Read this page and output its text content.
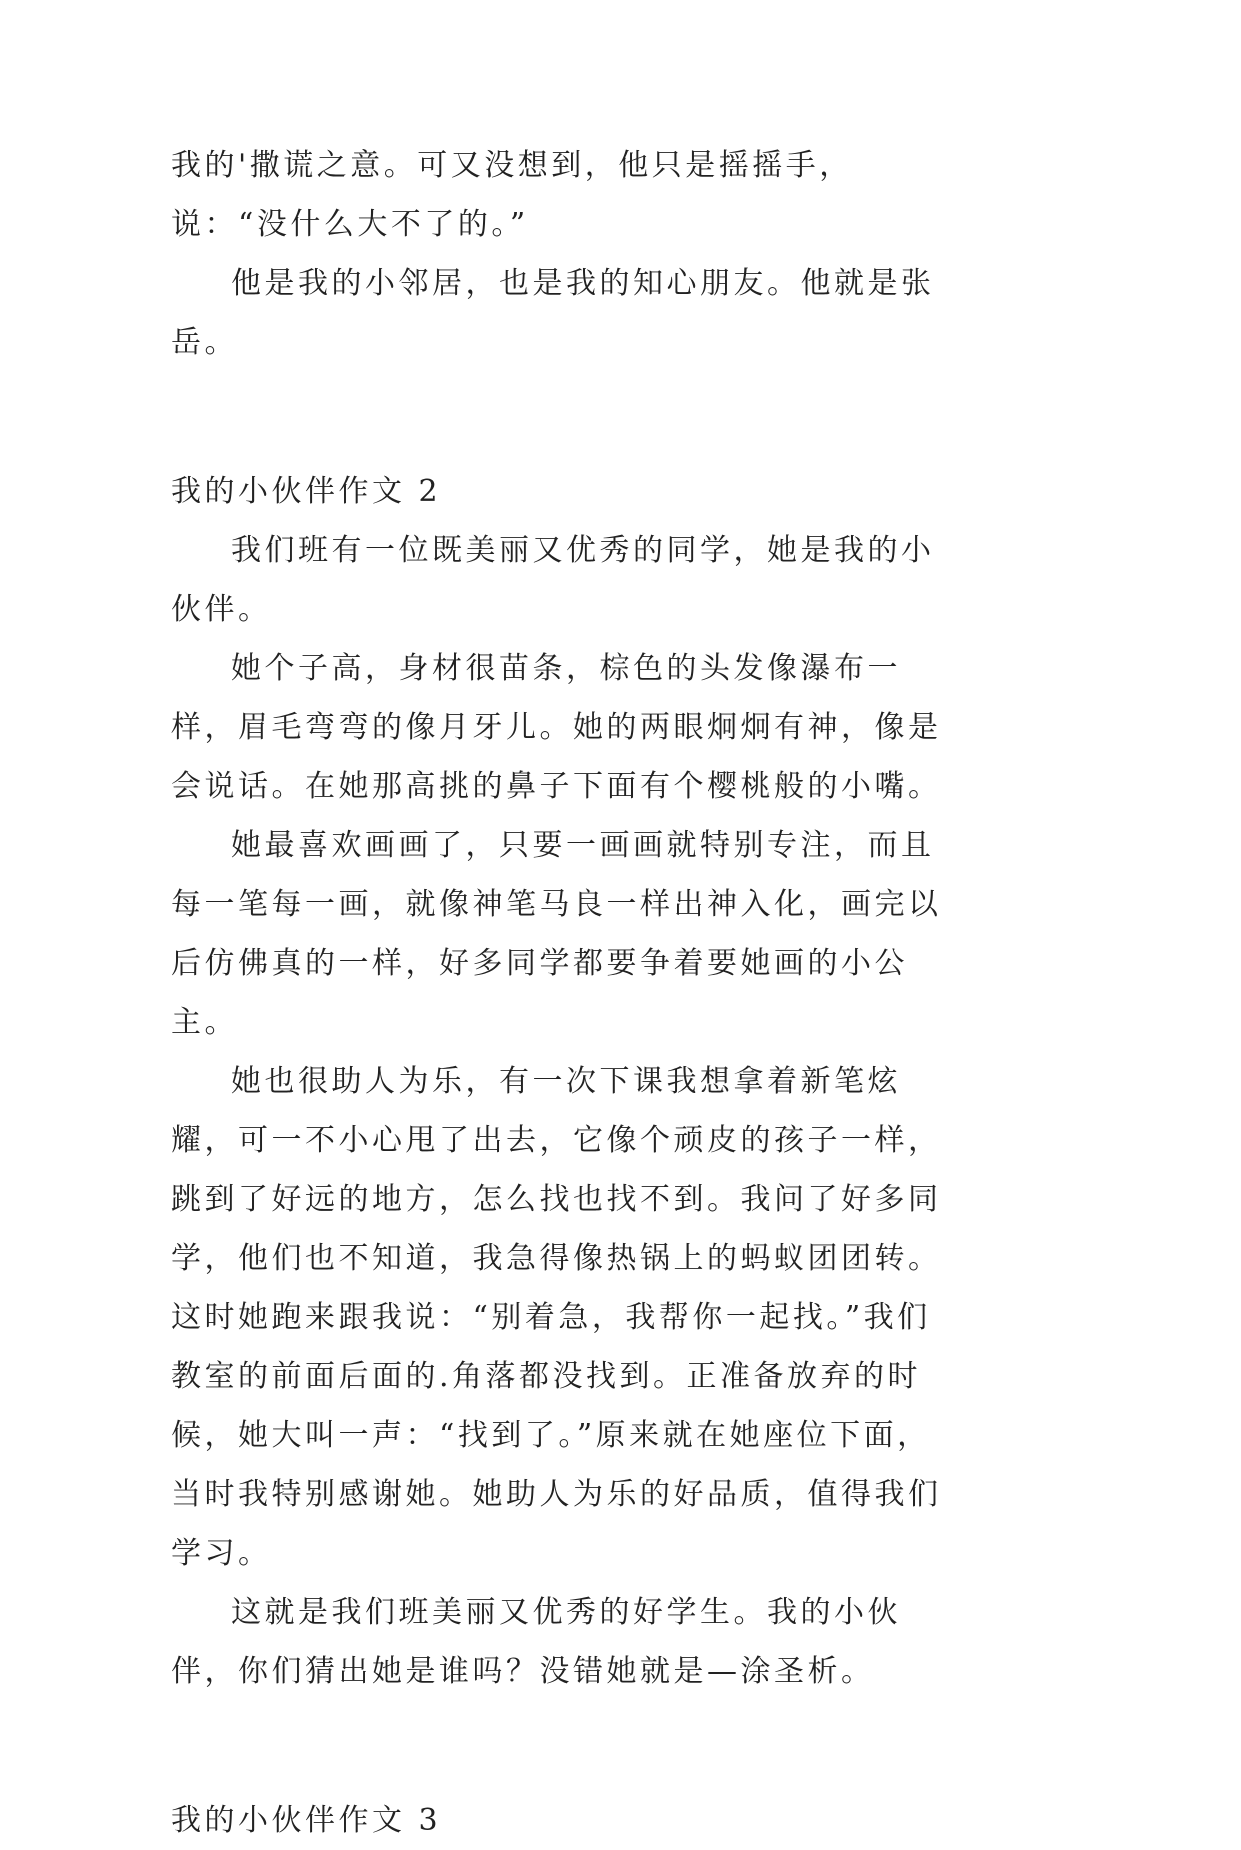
我的'撒谎之意。可又没想到，他只是摇摇手，说：“没什么大不了的。”

他是我的小邻居，也是我的知心朋友。他就是张岳。

我的小伙伴作文 2

我们班有一位既美丽又优秀的同学，她是我的小伙伴。

她个子高，身材很苗条，棕色的头发像瀑布一样，眉毛弯弯的像月牙儿。她的两眼炯炯有神，像是会说话。在她那高挑的鼻子下面有个樱桃般的小嘴。

她最喜欢画画了，只要一画画就特别专注，而且每一笔每一画，就像神笔马良一样出神入化，画完以后仿佛真的一样，好多同学都要争着要她画的小公主。

她也很助人为乐，有一次下课我想拿着新笔炫耀，可一不小心甩了出去，它像个顽皮的孩子一样，跳到了好远的地方，怎么找也找不到。我问了好多同学，他们也不知道，我急得像热锅上的蚂蚁团团转。这时她跑来跟我说：“别着急，我帮你一起找。”我们教室的前面后面的.角落都没找到。正准备放弃的时候，她大叫一声：“找到了。”原来就在她座位下面，当时我特别感谢她。她助人为乐的好品质，值得我们学习。

这就是我们班美丽又优秀的好学生。我的小伙伴，你们猜出她是谁吗？没错她就是—涂圣析。

我的小伙伴作文 3
